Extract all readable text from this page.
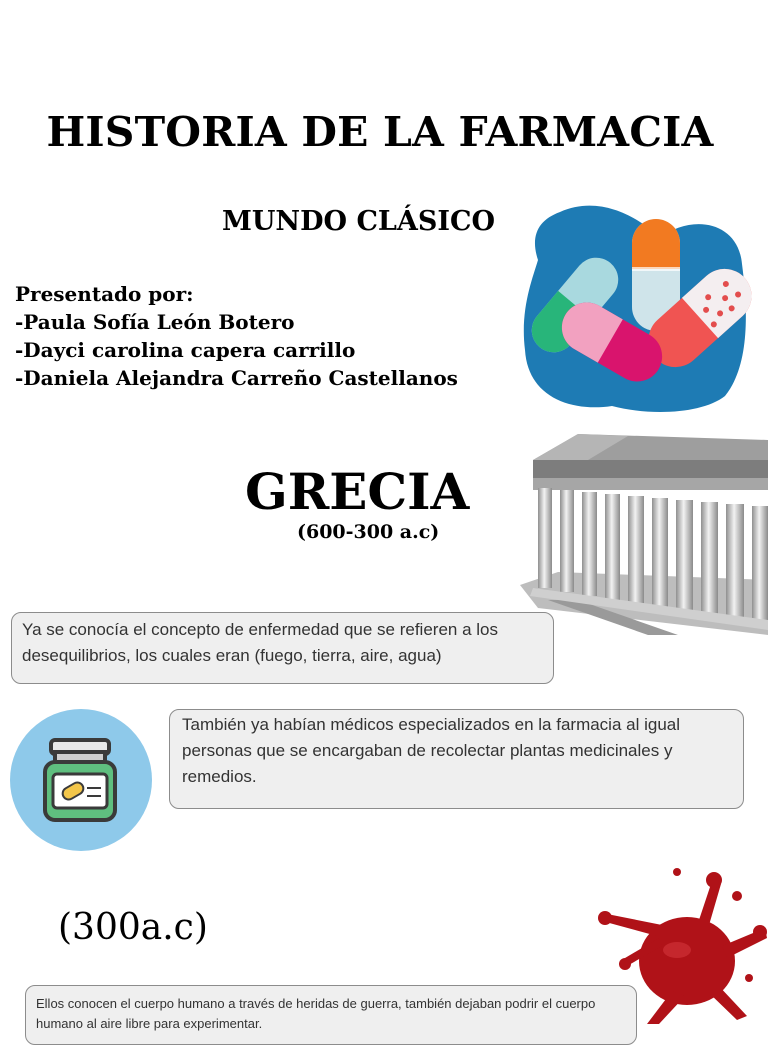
HISTORIA DE LA FARMACIA
MUNDO CLÁSICO
Presentado por:
-Paula Sofía León Botero
-Dayci carolina capera carrillo
-Daniela Alejandra Carreño Castellanos
GRECIA
(600-300 a.c)
Ya se conocía el concepto de enfermedad que se refieren a los desequilibrios, los cuales eran (fuego, tierra, aire, agua)
También ya habían médicos especializados en la farmacia al igual personas que se encargaban de recolectar plantas medicinales y remedios.
(300a.c)
Ellos conocen el cuerpo humano a través de heridas de guerra, también dejaban podrir el cuerpo humano al aire libre para experimentar.
